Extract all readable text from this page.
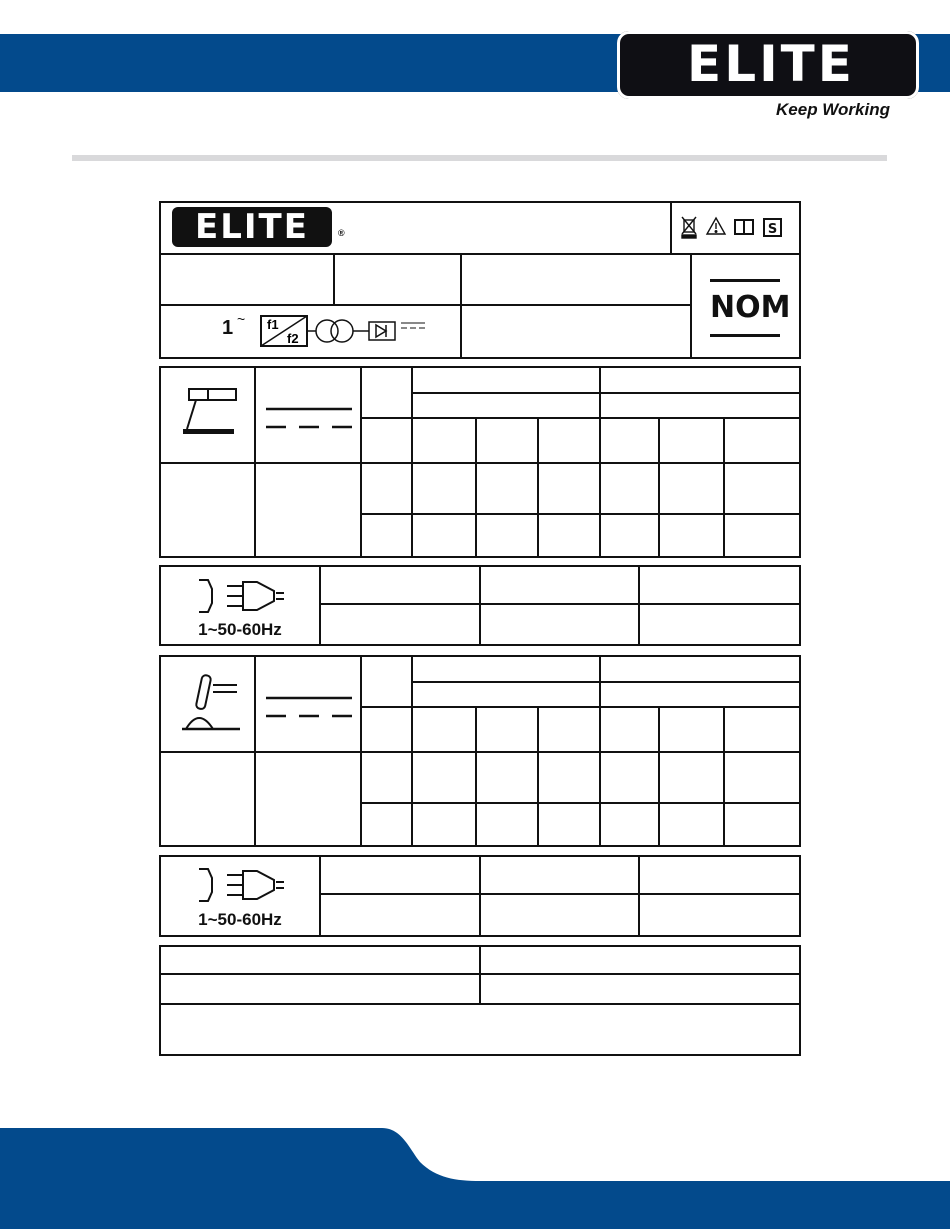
ELITE
Keep Working
ELITE	®	S
1 ~ f1
f2
NOM
1~50-60Hz
1~50-60Hz
